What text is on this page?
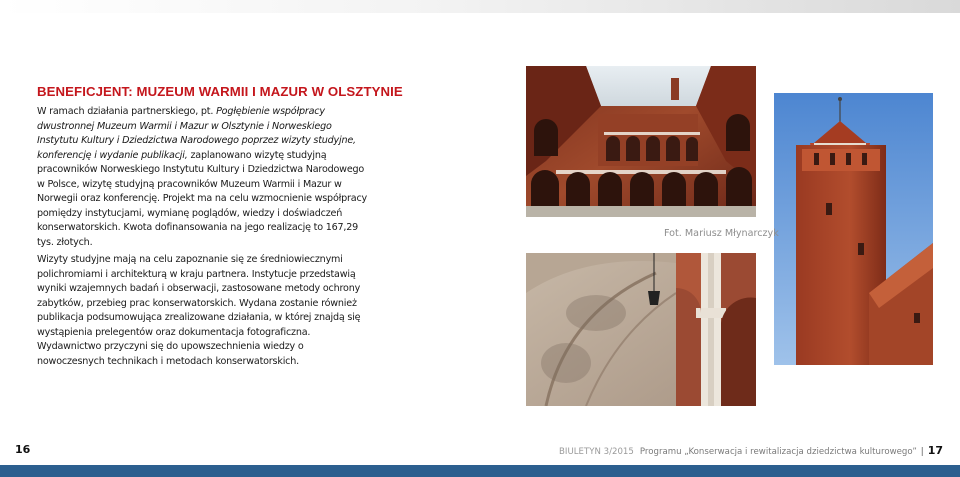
BENEFICJENT: MUZEUM WARMII I MAZUR W OLSZTYNIE

W ramach działania partnerskiego, pt. Pogłębienie współpracy dwustronnej Muzeum Warmii i Mazur w Olsztynie i Norweskiego Instytutu Kultury i Dziedzictwa Narodowego poprzez wizyty studyjne, konferencję i wydanie publikacji, zaplanowano wizytę studyjną pracowników Norweskiego Instytutu Kultury i Dziedzictwa Narodowego w Polsce, wizytę studyjną pracowników Muzeum Warmii i Mazur w Norwegii oraz konferencję. Projekt ma na celu wzmocnienie współpracy pomiędzy instytucjami, wymianę poglądów, wiedzy i doświadczeń konserwatorskich. Kwota dofinansowania na jego realizację to 167,29 tys. złotych.

Wizyty studyjne mają na celu zapoznanie się ze średniowiecznymi polichromiami i architekturą w kraju partnera. Instytucje przedstawią wyniki wzajemnych badań i obserwacji, zastosowane metody ochrony zabytków, przebieg prac konserwatorskich. Wydana zostanie również publikacja podsumowująca zrealizowane działania, w której znajdą się wystąpienia prelegentów oraz dokumentacja fotograficzna. Wydawnictwo przyczyni się do upowszechnienia wiedzy o nowoczesnych technikach i metodach konserwatorskich.

Fot. Mariusz Młynarczyk
16	BIULETYN 3/2015 Programu „Konserwacja i rewitalizacja dziedzictwa kulturowego” | 17
